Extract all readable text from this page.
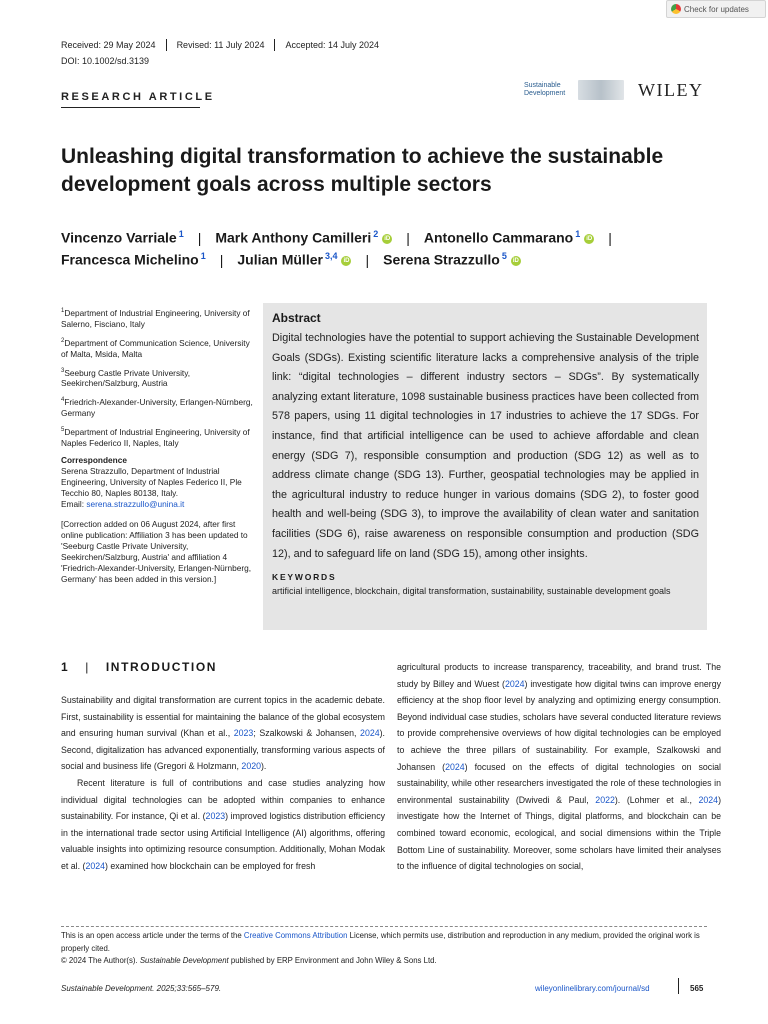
Check for updates
Received: 29 May 2024	Revised: 11 July 2024	Accepted: 14 July 2024
DOI: 10.1002/sd.3139
RESEARCH ARTICLE
Sustainable Development	WILEY
Unleashing digital transformation to achieve the sustainable development goals across multiple sectors
Vincenzo Varriale $^1$ | Mark Anthony Camilleri $^2$ iD | Antonello Cammarano $^1$ iD |
Francesca Michelino $^1$ | Julian Müller $^{3,4}$ iD | Serena Strazzullo $^5$ iD
$^1$Department of Industrial Engineering, University of Salerno, Fisciano, Italy
$^2$Department of Communication Science, University of Malta, Msida, Malta
$^3$Seeburg Castle Private University, Seekirchen/Salzburg, Austria
$^4$Friedrich-Alexander-University, Erlangen-Nürnberg, Germany
$^5$Department of Industrial Engineering, University of Naples Federico II, Naples, Italy
Correspondence
Serena Strazzullo, Department of Industrial Engineering, University of Naples Federico II, Ple Tecchio 80, Naples 80138, Italy.
Email: serena.strazzullo@unina.it
[Correction added on 06 August 2024, after first online publication: Affiliation 3 has been updated to 'Seeburg Castle Private University, Seekirchen/Salzburg, Austria' and affiliation 4 'Friedrich-Alexander-University, Erlangen-Nürnberg, Germany' has been added in this version.]
Abstract
Digital technologies have the potential to support achieving the Sustainable Development Goals (SDGs). Existing scientific literature lacks a comprehensive analysis of the triple link: “digital technologies – different industry sectors – SDGs”. By systematically analyzing extant literature, 1098 sustainable business practices have been collected from 578 papers, using 11 digital technologies in 17 industries to achieve the 17 SDGs. For instance, find that artificial intelligence can be used to achieve affordable and clean energy (SDG 7), responsible consumption and production (SDG 12) as well as to address climate change (SDG 13). Further, geospatial technologies may be applied in the agricultural industry to reduce hunger in various domains (SDG 2), to foster good health and well-being (SDG 3), to improve the availability of clean water and sanitation facilities (SDG 6), raise awareness on responsible consumption and production (SDG 12), and to safeguard life on land (SDG 15), among other insights.
KEYWORDS
artificial intelligence, blockchain, digital transformation, sustainability, sustainable development goals
1 | INTRODUCTION

Sustainability and digital transformation are current topics in the academic debate. First, sustainability is essential for maintaining the balance of the global ecosystem and ensuring human survival (Khan et al., 2023; Szalkowski & Johansen, 2024). Second, digitalization has advanced exponentially, transforming various aspects of social and business life (Gregori & Holzmann, 2020).

Recent literature is full of contributions and case studies analyzing how individual digital technologies can be adopted within companies to enhance sustainability. For instance, Qi et al. (2023) improved logistics distribution efficiency in the international trade sector using Artificial Intelligence (AI) algorithms, offering valuable insights into optimizing resource consumption. Additionally, Mohan Modak et al. (2024) examined how blockchain can be employed for fresh

agricultural products to increase transparency, traceability, and brand trust. The study by Billey and Wuest (2024) investigate how digital twins can improve energy efficiency at the shop floor level by analyzing and optimizing energy consumption. Beyond individual case studies, scholars have several conducted literature reviews to provide comprehensive overviews of how digital technologies can be employed to achieve the three pillars of sustainability. For example, Szalkowski and Johansen (2024) focused on the effects of digital technologies on social sustainability, while other researchers investigated the role of these technologies in environmental sustainability (Dwivedi & Paul, 2022). (Lohmer et al., 2024) investigate how the Internet of Things, digital platforms, and blockchain can be combined toward economic, ecological, and social dimensions within the Triple Bottom Line of sustainability. Moreover, some scholars have limited their analyses to the influence of digital technologies on social,

This is an open access article under the terms of the Creative Commons Attribution License, which permits use, distribution and reproduction in any medium, provided the original work is properly cited.
© 2024 The Author(s). Sustainable Development published by ERP Environment and John Wiley & Sons Ltd.
Sustainable Development. 2025;33:565–579.	wileyonlinelibrary.com/journal/sd	565
